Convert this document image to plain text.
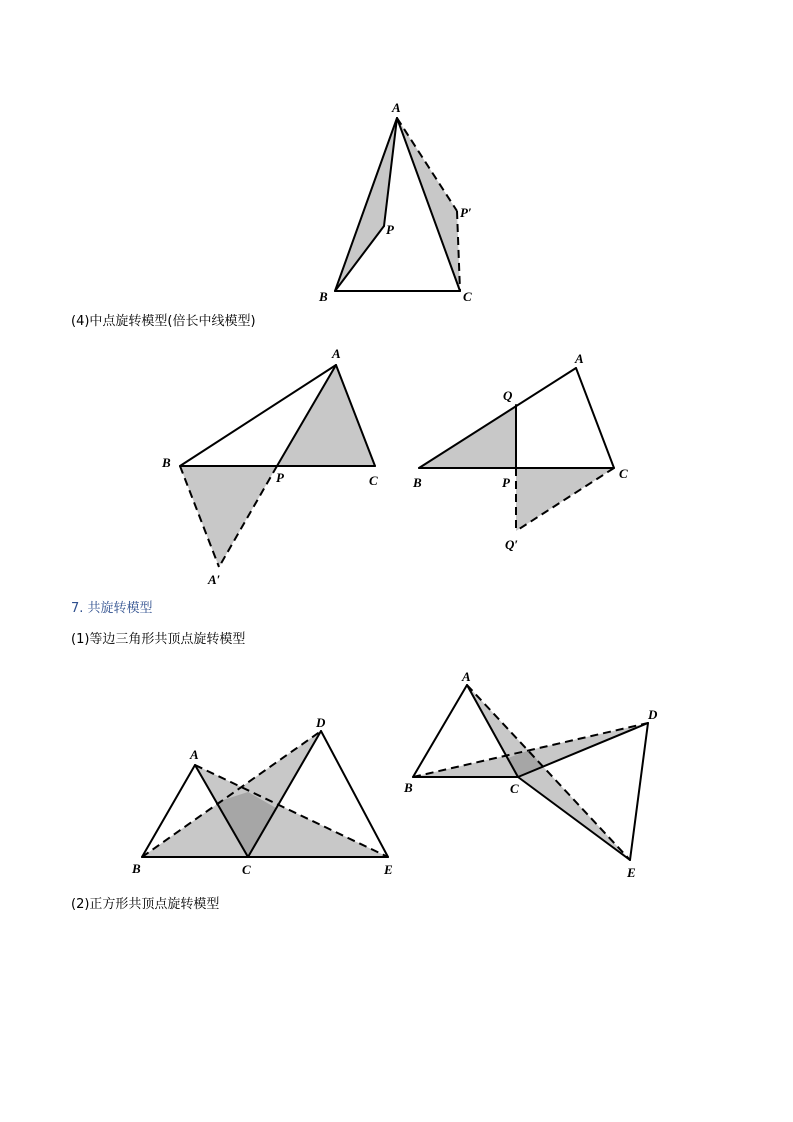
A
B	C
P
P′
A
B
C
P
A′
A
B
C
P
Q
Q′
A
B	C
D
E
A
B	C
D
E
(4)中点旋转模型(倍长中线模型)
7. 共旋转模型
(1)等边三角形共顶点旋转模型
(2)正方形共顶点旋转模型
